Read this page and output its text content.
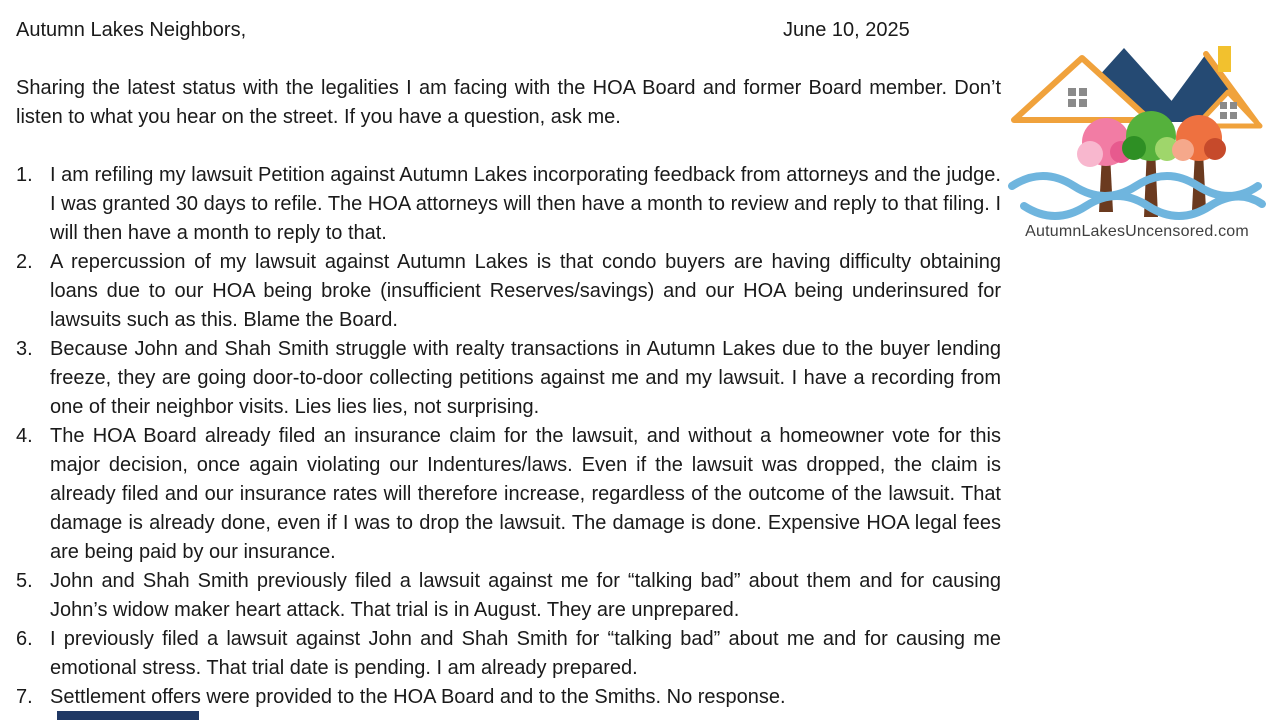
Autumn Lakes Neighbors,	June 10, 2025
Sharing the latest status with the legalities I am facing with the HOA Board and former Board member. Don’t listen to what you hear on the street. If you have a question, ask me.
1. I am refiling my lawsuit Petition against Autumn Lakes incorporating feedback from attorneys and the judge. I was granted 30 days to refile. The HOA attorneys will then have a month to review and reply to that filing. I will then have a month to reply to that.
2. A repercussion of my lawsuit against Autumn Lakes is that condo buyers are having difficulty obtaining loans due to our HOA being broke (insufficient Reserves/savings) and our HOA being underinsured for lawsuits such as this. Blame the Board.
3. Because John and Shah Smith struggle with realty transactions in Autumn Lakes due to the buyer lending freeze, they are going door-to-door collecting petitions against me and my lawsuit. I have a recording from one of their neighbor visits. Lies lies lies, not surprising.
4. The HOA Board already filed an insurance claim for the lawsuit, and without a homeowner vote for this major decision, once again violating our Indentures/laws. Even if the lawsuit was dropped, the claim is already filed and our insurance rates will therefore increase, regardless of the outcome of the lawsuit. That damage is already done, even if I was to drop the lawsuit. The damage is done. Expensive HOA legal fees are being paid by our insurance.
5. John and Shah Smith previously filed a lawsuit against me for “talking bad” about them and for causing John’s widow maker heart attack. That trial is in August. They are unprepared.
6. I previously filed a lawsuit against John and Shah Smith for “talking bad” about me and for causing me emotional stress. That trial date is pending. I am already prepared.
7. Settlement offers were provided to the HOA Board and to the Smiths. No response.
AutumnLakesUncensored.com
